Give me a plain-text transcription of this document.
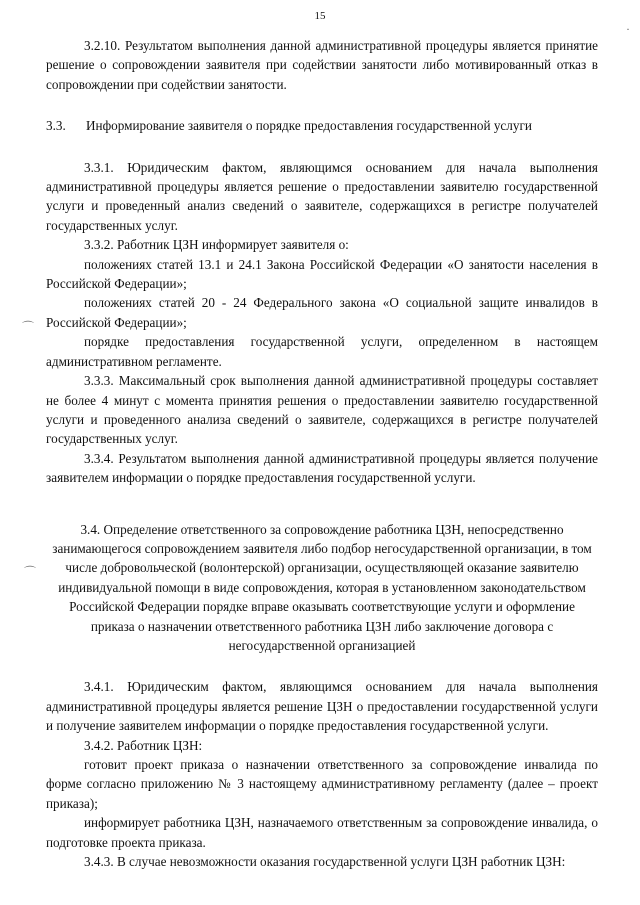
15
⌒
⌒
·

3.2.10. Результатом выполнения данной административной процедуры является принятие решение о сопровождении заявителя при содействии занятости либо мотивированный отказ в сопровождении при содействии занятости.

3.3. Информирование заявителя о порядке предоставления государственной услуги

3.3.1. Юридическим фактом, являющимся основанием для начала выполнения административной процедуры является решение о предоставлении заявителю государственной услуги и проведенный анализ сведений о заявителе, содержащихся в регистре получателей государственных услуг.

3.3.2. Работник ЦЗН информирует заявителя о:

положениях статей 13.1 и 24.1 Закона Российской Федерации «О занятости населения в Российской Федерации»;

положениях статей 20 - 24 Федерального закона «О социальной защите инвалидов в Российской Федерации»;

порядке предоставления государственной услуги, определенном в настоящем административном регламенте.

3.3.3. Максимальный срок выполнения данной административной процедуры составляет не более 4 минут с момента принятия решения о предоставлении заявителю государственной услуги и проведенного анализа сведений о заявителе, содержащихся в регистре получателей государственных услуг.

3.3.4. Результатом выполнения данной административной процедуры является получение заявителем информации о порядке предоставления государственной услуги.

3.4. Определение ответственного за сопровождение работника ЦЗН, непосредственно занимающегося сопровождением заявителя либо подбор негосударственной организации, в том числе добровольческой (волонтерской) организации, осуществляющей оказание заявителю индивидуальной помощи в виде сопровождения, которая в установленном законодательством Российской Федерации порядке вправе оказывать соответствующие услуги и оформление приказа о назначении ответственного работника ЦЗН либо заключение договора с негосударственной организацией

3.4.1. Юридическим фактом, являющимся основанием для начала выполнения административной процедуры является решение ЦЗН о предоставлении государственной услуги и получение заявителем информации о порядке предоставления государственной услуги.

3.4.2. Работник ЦЗН:

готовит проект приказа о назначении ответственного за сопровождение инвалида по форме согласно приложению № 3 настоящему административному регламенту (далее – проект приказа);

информирует работника ЦЗН, назначаемого ответственным за сопровождение инвалида, о подготовке проекта приказа.

3.4.3. В случае невозможности оказания государственной услуги ЦЗН работник ЦЗН:
